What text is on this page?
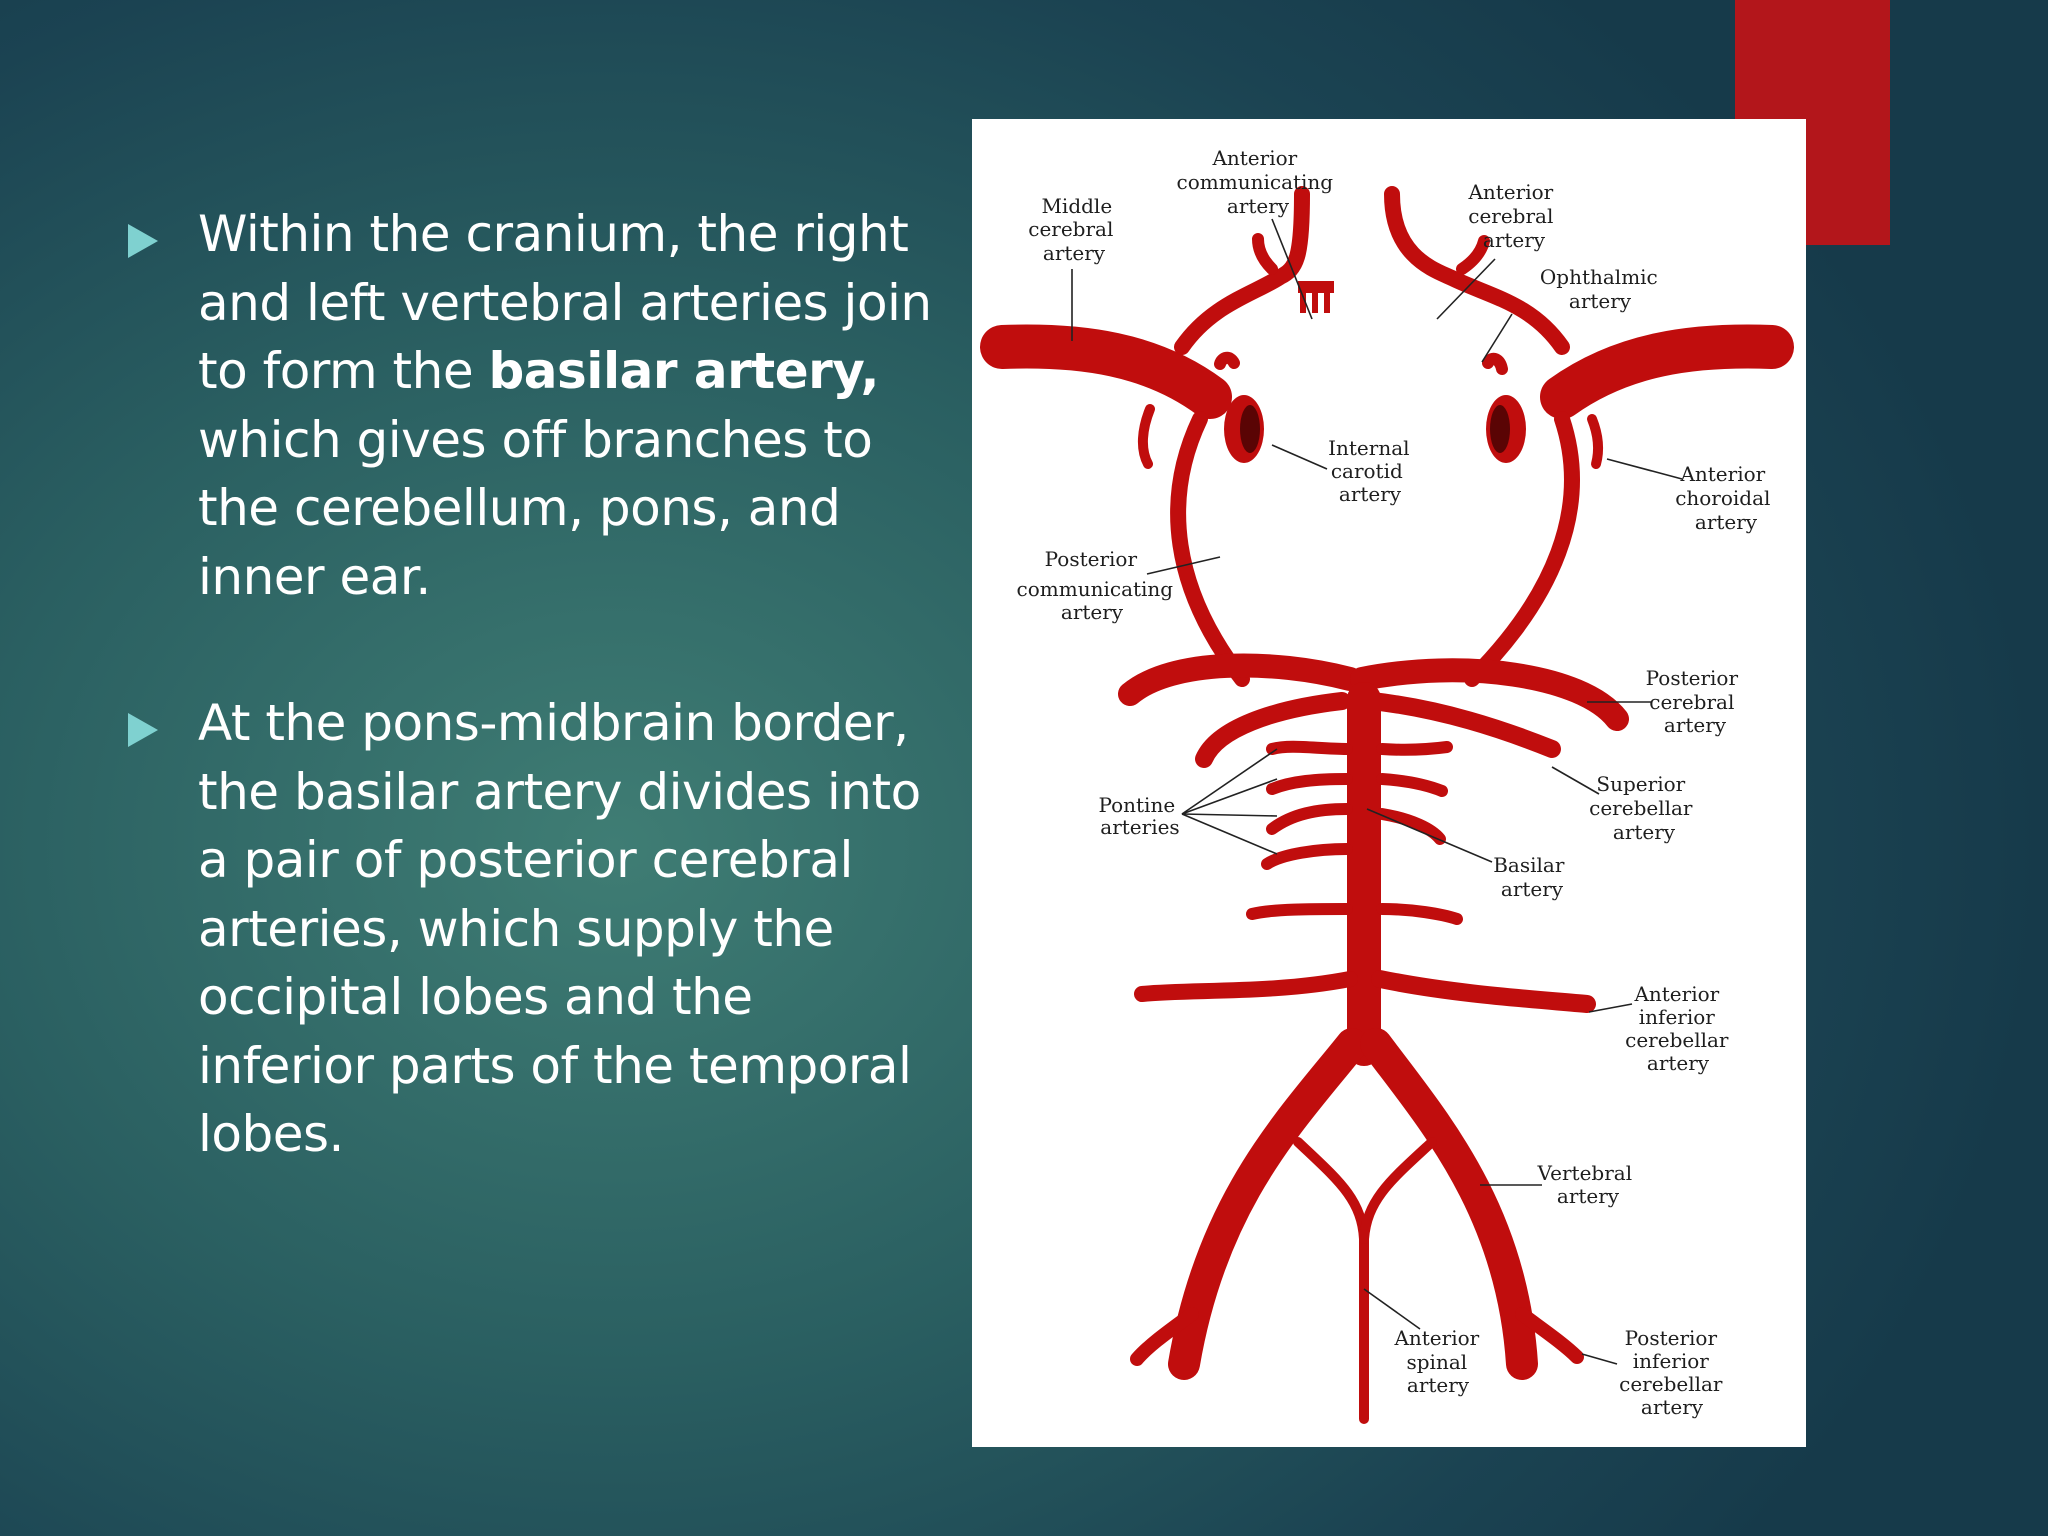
Within the cranium, the right and left vertebral arteries join to form the basilar artery, which gives off branches to the cerebellum, pons, and inner ear.
At the pons-midbrain border, the basilar artery divides into a pair of posterior cerebral arteries, which supply the occipital lobes and the inferior parts of the temporal lobes.
Anterior communicating artery
Middle cerebral artery
Anterior cerebral artery
Ophthalmic artery
Internal carotid artery
Anterior choroidal artery
Posterior communicating artery
Posterior cerebral artery
Pontine arteries
Superior cerebellar artery
Basilar artery
Anterior inferior cerebellar artery
Vertebral artery
Anterior spinal artery
Posterior inferior cerebellar artery
